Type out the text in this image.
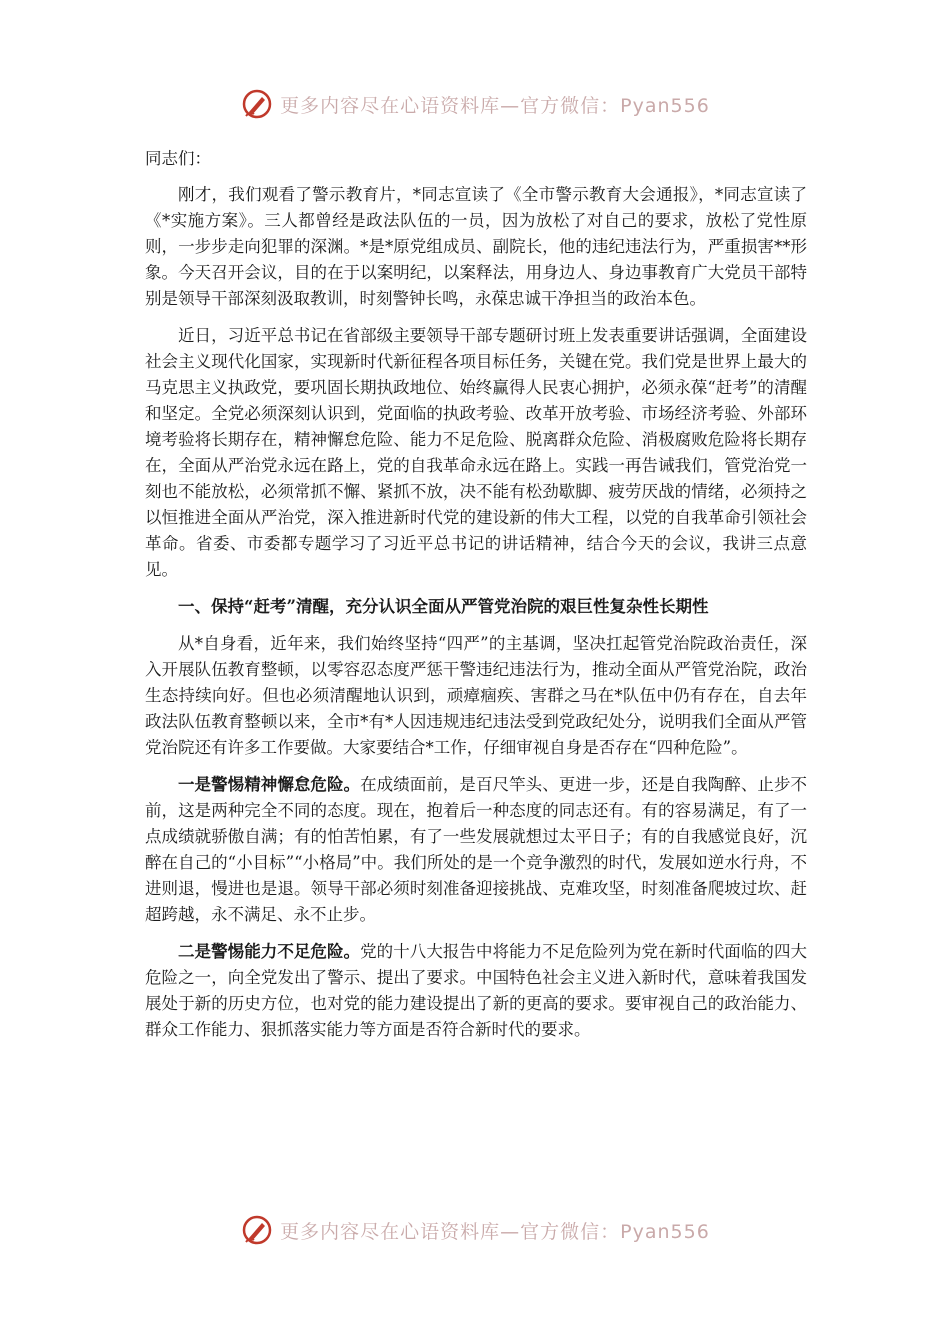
更多内容尽在心语资料库—官方微信：Pyan556
同志们：

刚才，我们观看了警示教育片，*同志宣读了《全市警示教育大会通报》，*同志宣读了《*实施方案》。三人都曾经是政法队伍的一员，因为放松了对自己的要求，放松了党性原则，一步步走向犯罪的深渊。*是*原党组成员、副院长，他的违纪违法行为，严重损害**形象。今天召开会议，目的在于以案明纪，以案释法，用身边人、身边事教育广大党员干部特别是领导干部深刻汲取教训，时刻警钟长鸣，永葆忠诚干净担当的政治本色。

近日，习近平总书记在省部级主要领导干部专题研讨班上发表重要讲话强调，全面建设社会主义现代化国家，实现新时代新征程各项目标任务，关键在党。我们党是世界上最大的马克思主义执政党，要巩固长期执政地位、始终赢得人民衷心拥护，必须永葆“赶考”的清醒和坚定。全党必须深刻认识到，党面临的执政考验、改革开放考验、市场经济考验、外部环境考验将长期存在，精神懈怠危险、能力不足危险、脱离群众危险、消极腐败危险将长期存在，全面从严治党永远在路上，党的自我革命永远在路上。实践一再告诫我们，管党治党一刻也不能放松，必须常抓不懈、紧抓不放，决不能有松劲歇脚、疲劳厌战的情绪，必须持之以恒推进全面从严治党，深入推进新时代党的建设新的伟大工程，以党的自我革命引领社会革命。省委、市委都专题学习了习近平总书记的讲话精神，结合今天的会议，我讲三点意见。

一、保持“赶考”清醒，充分认识全面从严管党治院的艰巨性复杂性长期性

从*自身看，近年来，我们始终坚持“四严”的主基调，坚决扛起管党治院政治责任，深入开展队伍教育整顿，以零容忍态度严惩干警违纪违法行为，推动全面从严管党治院，政治生态持续向好。但也必须清醒地认识到，顽瘴痼疾、害群之马在*队伍中仍有存在，自去年政法队伍教育整顿以来，全市*有*人因违规违纪违法受到党政纪处分，说明我们全面从严管党治院还有许多工作要做。大家要结合*工作，仔细审视自身是否存在“四种危险”。

一是警惕精神懈怠危险。在成绩面前，是百尺竿头、更进一步，还是自我陶醉、止步不前，这是两种完全不同的态度。现在，抱着后一种态度的同志还有。有的容易满足，有了一点成绩就骄傲自满；有的怕苦怕累，有了一些发展就想过太平日子；有的自我感觉良好，沉醉在自己的“小目标”“小格局”中。我们所处的是一个竞争激烈的时代，发展如逆水行舟，不进则退，慢进也是退。领导干部必须时刻准备迎接挑战、克难攻坚，时刻准备爬坡过坎、赶超跨越，永不满足、永不止步。

二是警惕能力不足危险。党的十八大报告中将能力不足危险列为党在新时代面临的四大危险之一，向全党发出了警示、提出了要求。中国特色社会主义进入新时代，意味着我国发展处于新的历史方位，也对党的能力建设提出了新的更高的要求。要审视自己的政治能力、群众工作能力、狠抓落实能力等方面是否符合新时代的要求。

更多内容尽在心语资料库—官方微信：Pyan556
